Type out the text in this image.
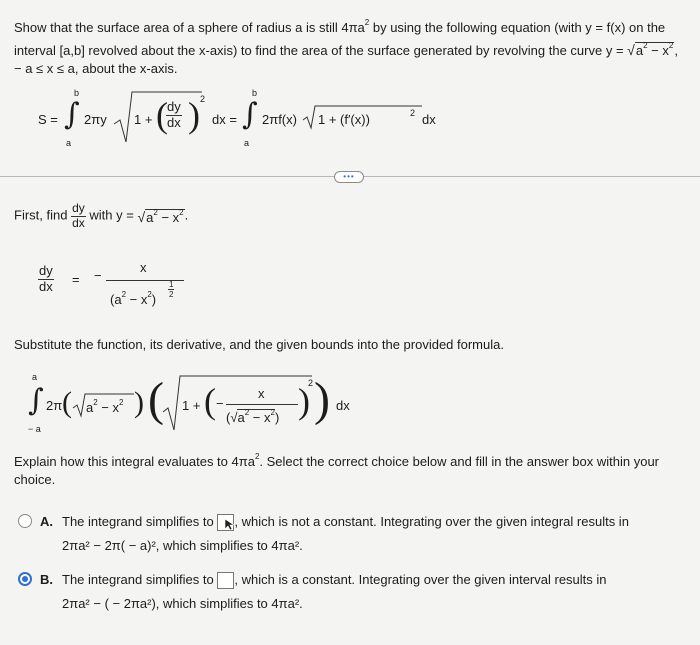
Show that the surface area of a sphere of radius a is still $4\pi a^2$ by using the following equation (with y = f(x) on the
interval [a,b] revolved about the x-axis) to find the area of the surface generated by revolving the curve $y = √a^2 - x^2$,
− a ≤ x ≤ a, about the x-axis.
S = ∫
b
a
2πy 1 + (
$\frac{dy}{dx}$ ) 2
dx = ∫
b
a
2πf(x) 1 + (f′(x))	2 dx
•••
First, find $\frac{dy}{dx}$ with $y = √a^2 - x^2$.
$\frac{dy}{dx}$ = −
x
$(a^2 - x^2)$
$\frac{1}{2}$
Substitute the function, its derivative, and the given bounds into the provided formula.
a
∫
− a
2π ( $a^2 - x^2$ ) ( 1 + ( −
x
$(√a^2 - x^2)$ )
2 ) dx
Explain how this integral evaluates to $4\pi a^2$. Select the correct choice below and fill in the answer box within your
choice.
A. The integrand simplifies to , which is not a constant. Integrating over the given integral results in
2πa² − 2π( − a)², which simplifies to 4πa².
B. The integrand simplifies to , which is a constant. Integrating over the given interval results in
2πa² − ( − 2πa²), which simplifies to 4πa².
